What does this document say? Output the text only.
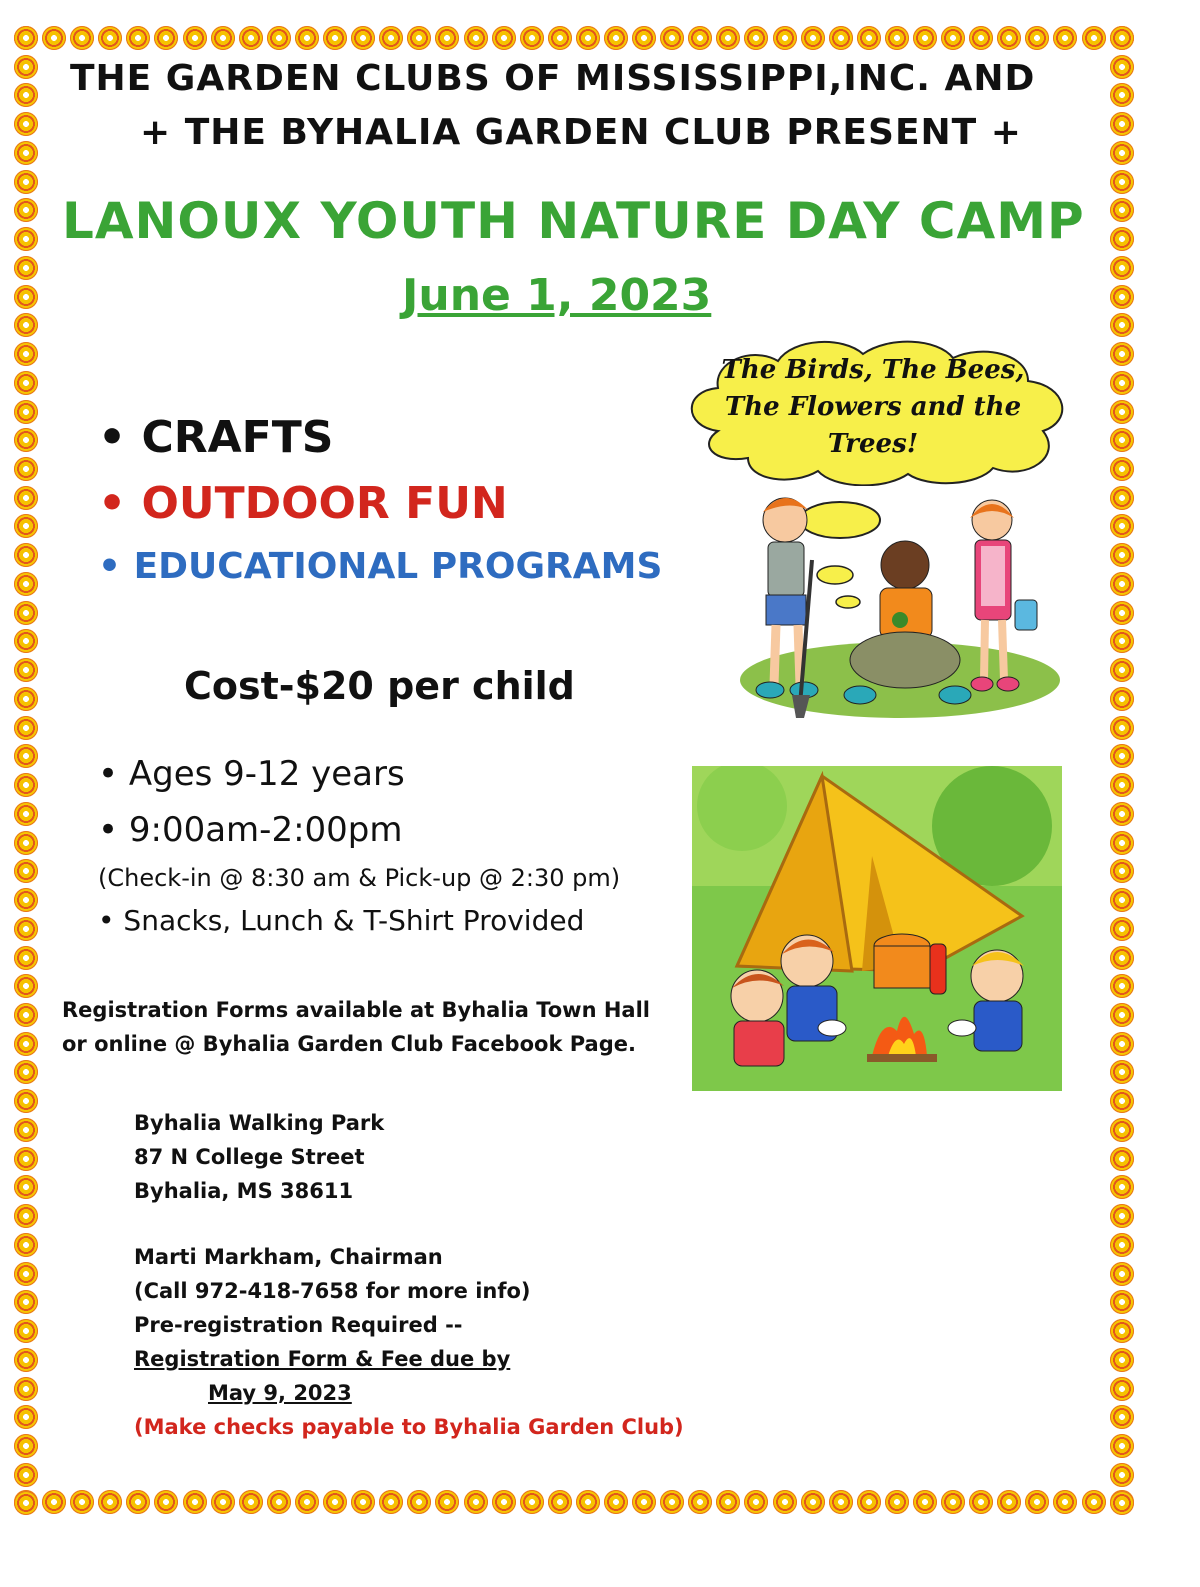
THE GARDEN CLUBS OF MISSISSIPPI,INC. AND
+ THE BYHALIA GARDEN CLUB PRESENT +
LANOUX YOUTH NATURE DAY CAMP
June 1, 2023
The Birds, The Bees, The Flowers and the Trees!
• CRAFTS
• OUTDOOR FUN
• EDUCATIONAL PROGRAMS
Cost-$20 per child
• Ages 9-12 years
• 9:00am-2:00pm
(Check-in @ 8:30 am & Pick-up @ 2:30 pm)
• Snacks, Lunch & T-Shirt Provided
Registration Forms available at Byhalia Town Hall
or online @ Byhalia Garden Club Facebook Page.
Byhalia Walking Park
87 N College Street
Byhalia, MS 38611
Marti Markham, Chairman
(Call 972-418-7658 for more info)
Pre-registration Required --
Registration Form & Fee due by
May 9, 2023
(Make checks payable to Byhalia Garden Club)
